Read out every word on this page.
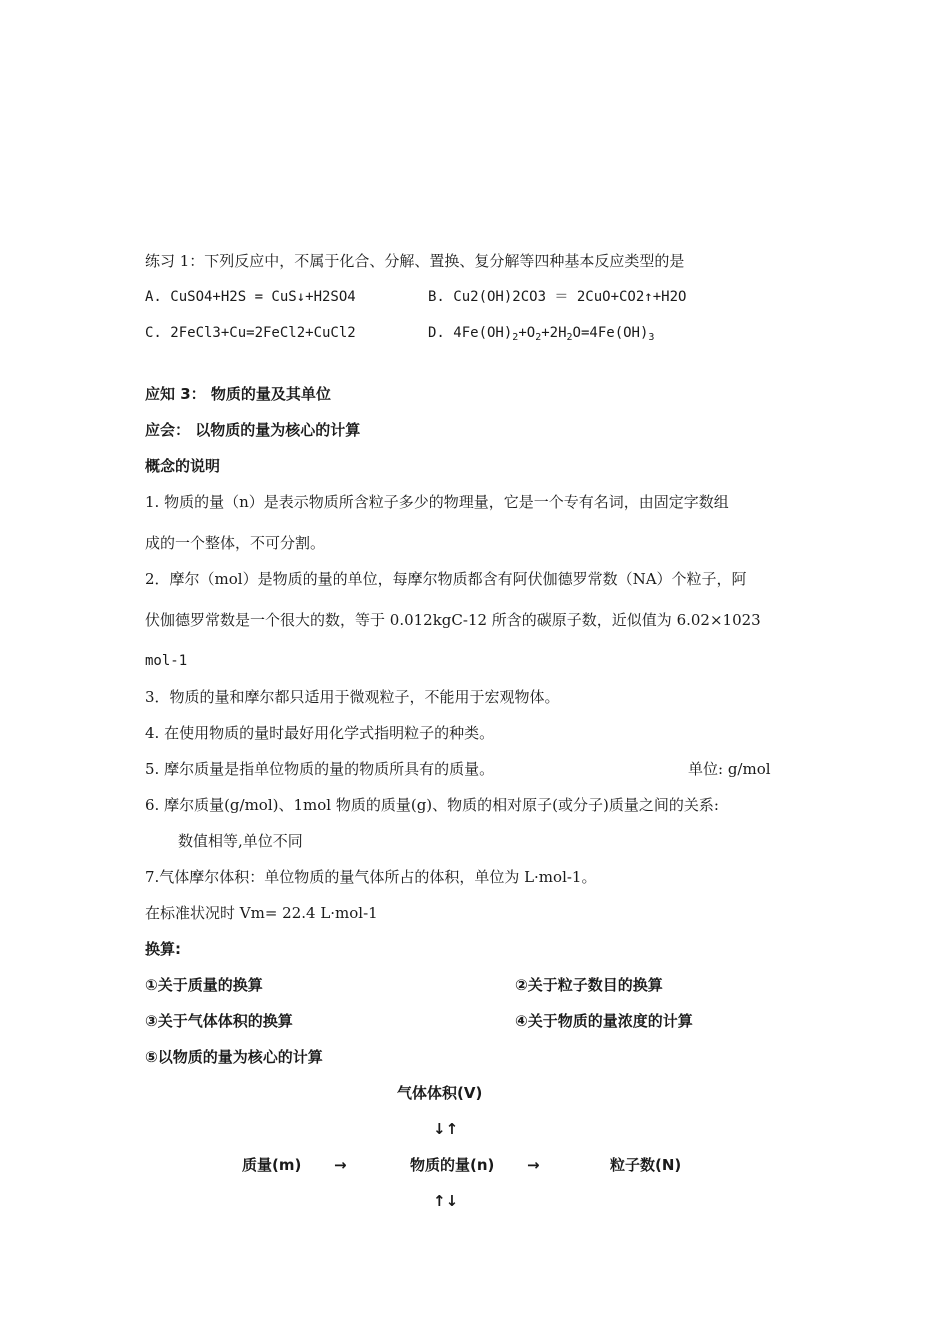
练习 1：下列反应中，不属于化合、分解、置换、复分解等四种基本反应类型的是
A. CuSO4+H2S = CuS↓+H2SO4	B. Cu2(OH)2CO3 ＝ 2CuO+CO2↑+H2O
C. 2FeCl3+Cu=2FeCl2+CuCl2	D. $4Fe(OH)_2+O_2+2H_2O=4Fe(OH)_3$
应知 3： 物质的量及其单位
应会： 以物质的量为核心的计算
概念的说明
1. 物质的量（n）是表示物质所含粒子多少的物理量，它是一个专有名词，由固定字数组
成的一个整体，不可分割。
2．摩尔（mol）是物质的量的单位，每摩尔物质都含有阿伏伽德罗常数（NA）个粒子，阿
伏伽德罗常数是一个很大的数，等于 0.012kgC-12 所含的碳原子数，近似值为 6.02×1023
mol-1
3．物质的量和摩尔都只适用于微观粒子，不能用于宏观物体。
4. 在使用物质的量时最好用化学式指明粒子的种类。
5. 摩尔质量是指单位物质的量的物质所具有的质量。	单位: g/mol
6. 摩尔质量(g/mol)、1mol 物质的质量(g)、物质的相对原子(或分子)质量之间的关系:
数值相等,单位不同
7.气体摩尔体积：单位物质的量气体所占的体积，单位为 L·mol-1。
在标准状况时 Vm= 22.4 L·mol-1
换算:
①关于质量的换算	②关于粒子数目的换算
③关于气体体积的换算	④关于物质的量浓度的计算
⑤以物质的量为核心的计算
气体体积(V)
↓↑
质量(m) →	物质的量(n) →	粒子数(N)
↑↓
